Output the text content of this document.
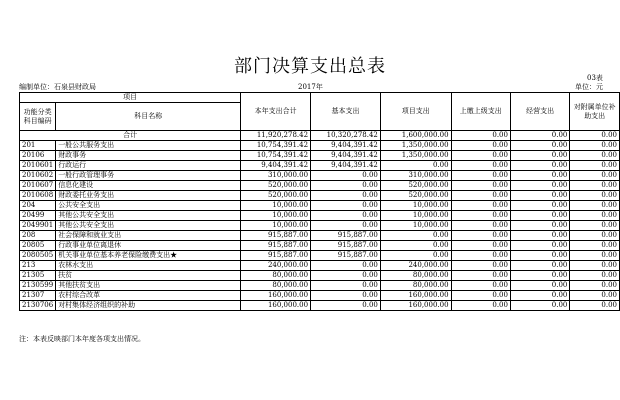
部门决算支出总表
03表
编制单位：石泉县财政局	2017年	单位：元
项目		本年支出合计	基本支出	项目支出	上缴上级支出	经营支出	对附属单位补助支出
功能分类科目编码	科目名称						
合计		11,920,278.42	10,320,278.42	1,600,000.00	0.00	0.00	0.00
201	一般公共服务支出	10,754,391.42	9,404,391.42	1,350,000.00	0.00	0.00	0.00
20106	财政事务	10,754,391.42	9,404,391.42	1,350,000.00	0.00	0.00	0.00
2010601	行政运行	9,404,391.42	9,404,391.42	0.00	0.00	0.00	0.00
2010602	一般行政管理事务	310,000.00	0.00	310,000.00	0.00	0.00	0.00
2010607	信息化建设	520,000.00	0.00	520,000.00	0.00	0.00	0.00
2010608	财政委托业务支出	520,000.00	0.00	520,000.00	0.00	0.00	0.00
204	公共安全支出	10,000.00	0.00	10,000.00	0.00	0.00	0.00
20499	其他公共安全支出	10,000.00	0.00	10,000.00	0.00	0.00	0.00
2049901	其他公共安全支出	10,000.00	0.00	10,000.00	0.00	0.00	0.00
208	社会保障和就业支出	915,887.00	915,887.00	0.00	0.00	0.00	0.00
20805	行政事业单位离退休	915,887.00	915,887.00	0.00	0.00	0.00	0.00
2080505	机关事业单位基本养老保险缴费支出★	915,887.00	915,887.00	0.00	0.00	0.00	0.00
213	农林水支出	240,000.00	0.00	240,000.00	0.00	0.00	0.00
21305	扶贫	80,000.00	0.00	80,000.00	0.00	0.00	0.00
2130599	其他扶贫支出	80,000.00	0.00	80,000.00	0.00	0.00	0.00
21307	农村综合改革	160,000.00	0.00	160,000.00	0.00	0.00	0.00
2130706	对村集体经济组织的补助	160,000.00	0.00	160,000.00	0.00	0.00	0.00
注：本表反映部门本年度各项支出情况。
